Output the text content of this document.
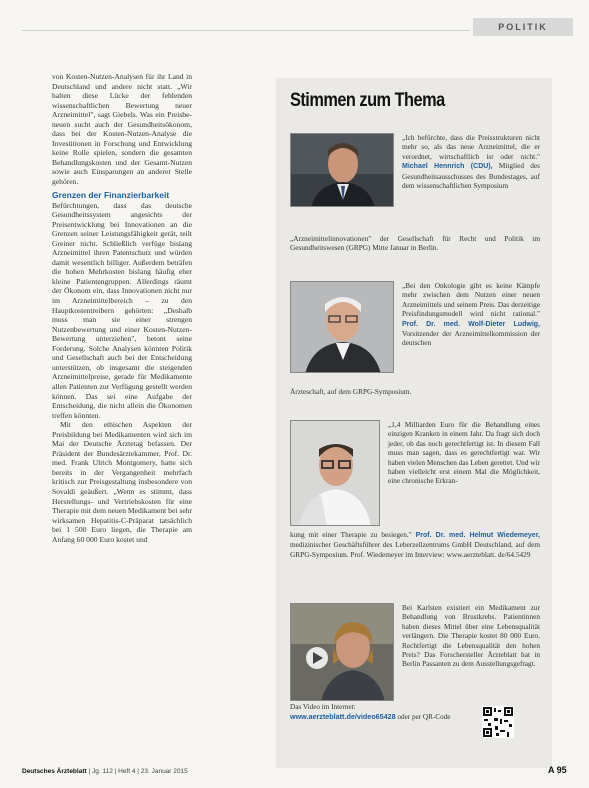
POLITIK

von Kosten-Nutzen-Analysen für ihr Land in Deutschland und andere nicht statt. „Wir halten diese Lücke der fehlenden wissenschaftlichen Bewertung neuer Arzneimittel", sagt Giebels. Was ein Preisbe- neuen sucht auch der Gesundheitsökonom, dass bei der Kosten-Nutzen-Analyse die Investitionen in Forschung und Entwicklung keine Rolle spielen, sondern die gesamten Behandlungskosten und der Gesamt-Nutzen sowie auch Einsparungen an anderer Stelle gehören.

Grenzen der Finanzierbarkeit

Befürchtungen, dass das deutsche Gesundheitssystem angesichts der Preisentwicklung bei Innovationen an die Grenzen seiner Leistungsfähigkeit gerät, teilt Greiner nicht. Schließlich verfüge bislang Arzneimittel ihren Patentschutz und würden damit wesentlich billiger. Außerdem beträfen die hohen Mehrkosten bislang häufig eher kleine Patientengruppen. Allerdings räumt der Ökonom ein, dass Innovationen nicht nur im Arzneimittelbereich – zu den Hauptkostentreibern gehörten: „Deshalb muss man sie einer strengen Nutzenbewertung und einer Kosten-Nutzen-Bewertung unterziehen", betont seine Forderung. Solche Analysen könnten Politik und Gesellschaft auch bei der Entscheidung unterstützen, ob insgesamt die steigenden Arzneimittelpreise, gerade für Medikamente allen Patienten zur Verfügung gestellt werden können. Das sei eine Aufgabe der Entscheidung, die nicht allein die Ökonomen treffen könnten.

Mit den ethischen Aspekten der Preisbildung bei Medikamenten wird sich im Mai der Deutsche Ärztetag befassen. Der Präsident der Bundesärztekammer, Prof. Dr. med. Frank Ulrich Montgomery, hatte sich bereits in der Vergangenheit mehrfach kritisch zur Preisgestaltung insbesondere von Sovaldi geäußert. „Wenn es stimmt, dass Herstellungs- und Vertriebskosten für eine Therapie mit dem neuen Medikament bei sehr wirksamen Hepatitis-C-Präparat tatsächlich bei 1 500 Euro liegen, die Therapie am Anfang 60 000 Euro kostet und

Stimmen zum Thema
„Ich befürchte, dass die Preisstrukturen nicht mehr so, als das neue Arzneimittel, die er verordnet, wirtschaftlich ist oder nicht." Michael Hennrich (CDU), Mitglied des Gesundheitsausschusses des Bundestages, auf dem wissenschaftlichen Symposium
„Arzneimittelinnovationen" der Gesellschaft für Recht und Politik im Gesundheitswesen (GRPG) Mitte Januar in Berlin.
„Bei den Onkologie gibt es keine Kämpfe mehr zwischen dem Nutzen einer neuen Arzneimittels und seinem Preis. Das derzeitige Preisfindungsmodell wird nicht rational." Prof. Dr. med. Wolf-Dieter Ludwig, Vorsitzender der Arzneimittelkommission der deutschen
Ärzteschaft, auf dem GRPG-Symposium.
„1,4 Milliarden Euro für die Behandlung eines einzigen Kranken in einem Jahr. Da fragt sich doch jeder, ob das noch gerechtfertigt ist. In diesem Fall muss man sagen, dass es gerechtfertigt war. Wir haben vielen Menschen das Leben gerettet. Und wir haben vielleicht erst einem Mal die Möglichkeit, eine chronische Erkran-
kung mit einer Therapie zu besiegen." Prof. Dr. med. Helmut Wiedemeyer, medizinischer Geschäftsführer des Leberzellzentrums GmbH Deutschland, auf dem GRPG-Symposium. Prof. Wiedemeyer im Interview: www.aerzteblatt. de/64.5429
Bei Karlsten existiert ein Medikament zur Behandlung von Brustkrebs. Patientinnen haben dieses Mittel über eine Lebensqualität verlängern. Die Therapie kostet 80 000 Euro. Rechtfertigt die Lebensqualität den hohen Preis? Das Forschersteller Ärzteblatt hat in Berlin Passanten zu dem Ausstellungsgefragt.
Das Video im Internet:
www.aerzteblatt.de/video65428 oder per QR-Code
Deutsches Ärzteblatt | Jg. 112 | Heft 4 | 23. Januar 2015	A 95
